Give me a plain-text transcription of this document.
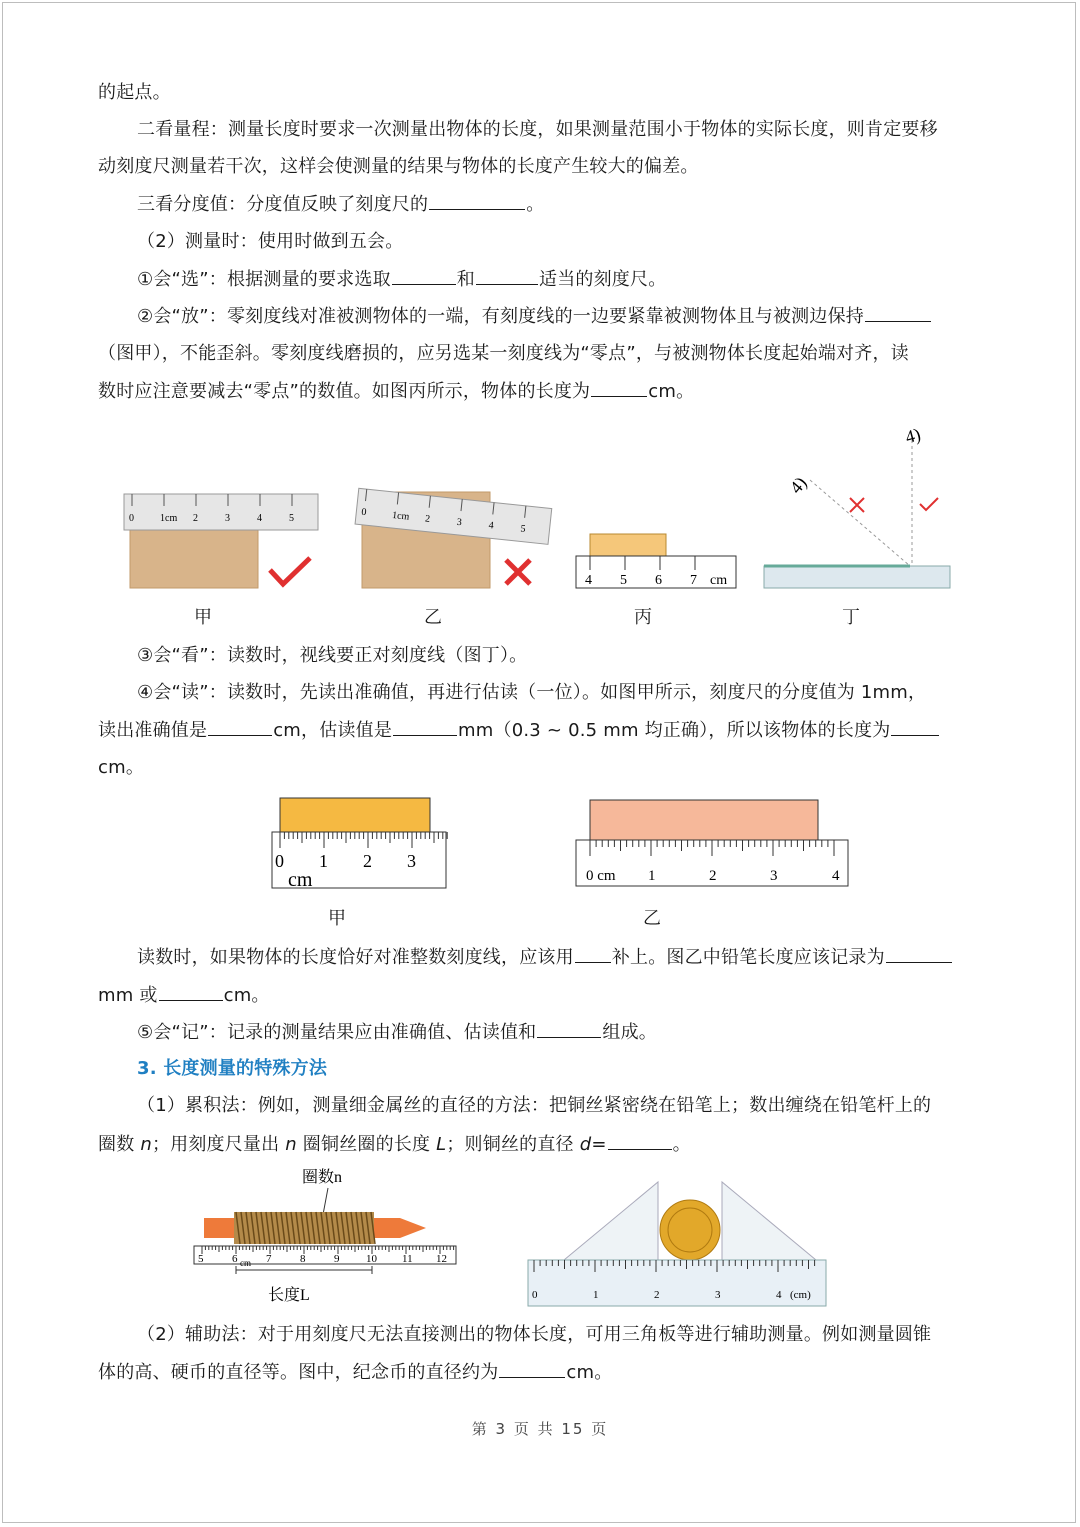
的起点。
二看量程：测量长度时要求一次测量出物体的长度，如果测量范围小于物体的实际长度，则肯定要移
动刻度尺测量若干次，这样会使测量的结果与物体的长度产生较大的偏差。
三看分度值：分度值反映了刻度尺的	。
（2）测量时：使用时做到五会。
①会“选”：根据测量的要求选取	和	适当的刻度尺。
②会“放”：零刻度线对准被测物体的一端，有刻度线的一边要紧靠被测物体且与被测边保持
（图甲），不能歪斜。零刻度线磨损的，应另选某一刻度线为“零点”，与被测物体长度起始端对齐，读
数时应注意要减去“零点”的数值。如图丙所示，物体的长度为	cm。
0	1cm 2	3	4	5
0 1cm 2	3	4	5
4 5 6 7 cm
4)
4)
甲	乙	丙	丁
③会“看”：读数时，视线要正对刻度线（图丁）。
④会“读”：读数时，先读出准确值，再进行估读（一位）。如图甲所示，刻度尺的分度值为 1mm，
读出准确值是	cm，估读值是	mm（0.3 ~ 0.5 mm 均正确），所以该物体的长度为
cm。
0 1 2 3
cm	0 cm 1	2	3	4
甲	乙
读数时，如果物体的长度恰好对准整数刻度线，应该用 补上。图乙中铅笔长度应该记录为
mm 或	cm。
⑤会“记”：记录的测量结果应由准确值、估读值和	组成。
3. 长度测量的特殊方法
（1）累积法：例如，测量细金属丝的直径的方法：把铜丝紧密绕在铅笔上；数出缠绕在铅笔杆上的
圈数 n；用刻度尺量出 n 圈铜丝圈的长度 L；则铜丝的直径 d=	。
圈数n
5	6	7	8	9 10 11 12
cm
长度L	0	1	2	3	4 (cm)
（2）辅助法：对于用刻度尺无法直接测出的物体长度，可用三角板等进行辅助测量。例如测量圆锥
体的高、硬币的直径等。图中，纪念币的直径约为	cm。
第 3 页 共 15 页
